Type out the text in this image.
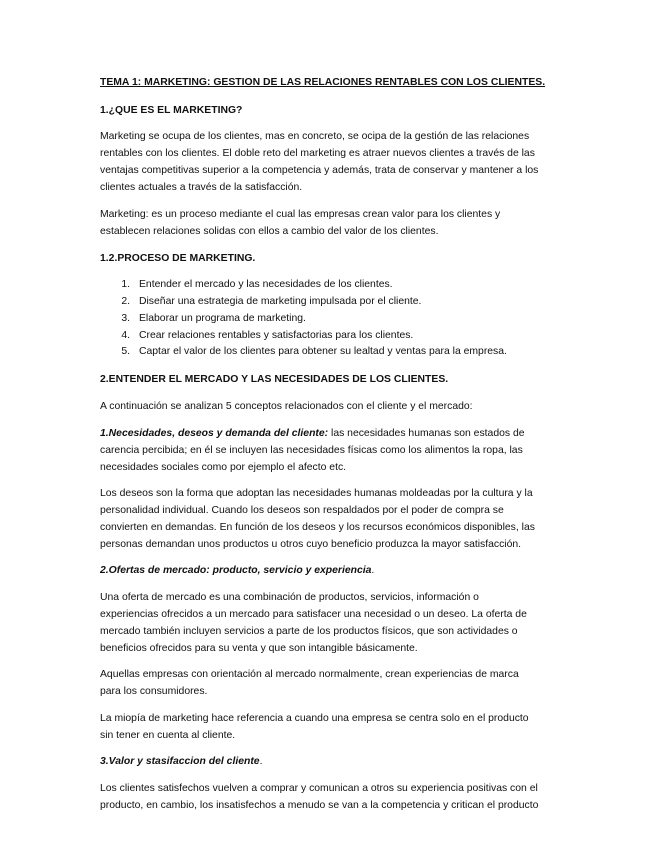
TEMA 1: MARKETING: GESTION DE LAS RELACIONES RENTABLES CON LOS CLIENTES.
1.¿QUE ES EL MARKETING?
Marketing se ocupa de los clientes, mas en concreto, se ocipa de la gestión de las relaciones
rentables con los clientes. El doble reto del marketing es atraer nuevos clientes a través de las
ventajas competitivas superior a la competencia y además, trata de conservar y mantener a los
clientes actuales a través de la satisfacción.
Marketing: es un proceso mediante el cual las empresas crean valor para los clientes y
establecen relaciones solidas con ellos a cambio del valor de los clientes.
1.2.PROCESO DE MARKETING.
1. Entender el mercado y las necesidades de los clientes.
2. Diseñar una estrategia de marketing impulsada por el cliente.
3. Elaborar un programa de marketing.
4. Crear relaciones rentables y satisfactorias para los clientes.
5. Captar el valor de los clientes para obtener su lealtad y ventas para la empresa.
2.ENTENDER EL MERCADO Y LAS NECESIDADES DE LOS CLIENTES.
A continuación se analizan 5 conceptos relacionados con el cliente y el mercado:
1.Necesidades, deseos y demanda del cliente: las necesidades humanas son estados de
carencia percibida; en él se incluyen las necesidades físicas como los alimentos la ropa, las
necesidades sociales como por ejemplo el afecto etc.
Los deseos son la forma que adoptan las necesidades humanas moldeadas por la cultura y la
personalidad individual. Cuando los deseos son respaldados por el poder de compra se
convierten en demandas. En función de los deseos y los recursos económicos disponibles, las
personas demandan unos productos u otros cuyo beneficio produzca la mayor satisfacción.
2.Ofertas de mercado: producto, servicio y experiencia.
Una oferta de mercado es una combinación de productos, servicios, información o
experiencias ofrecidos a un mercado para satisfacer una necesidad o un deseo. La oferta de
mercado también incluyen servicios a parte de los productos físicos, que son actividades o
beneficios ofrecidos para su venta y que son intangible básicamente.
Aquellas empresas con orientación al mercado normalmente, crean experiencias de marca
para los consumidores.
La miopía de marketing hace referencia a cuando una empresa se centra solo en el producto
sin tener en cuenta al cliente.
3.Valor y stasifaccion del cliente.
Los clientes satisfechos vuelven a comprar y comunican a otros su experiencia positivas con el
producto, en cambio, los insatisfechos a menudo se van a la competencia y critican el producto
